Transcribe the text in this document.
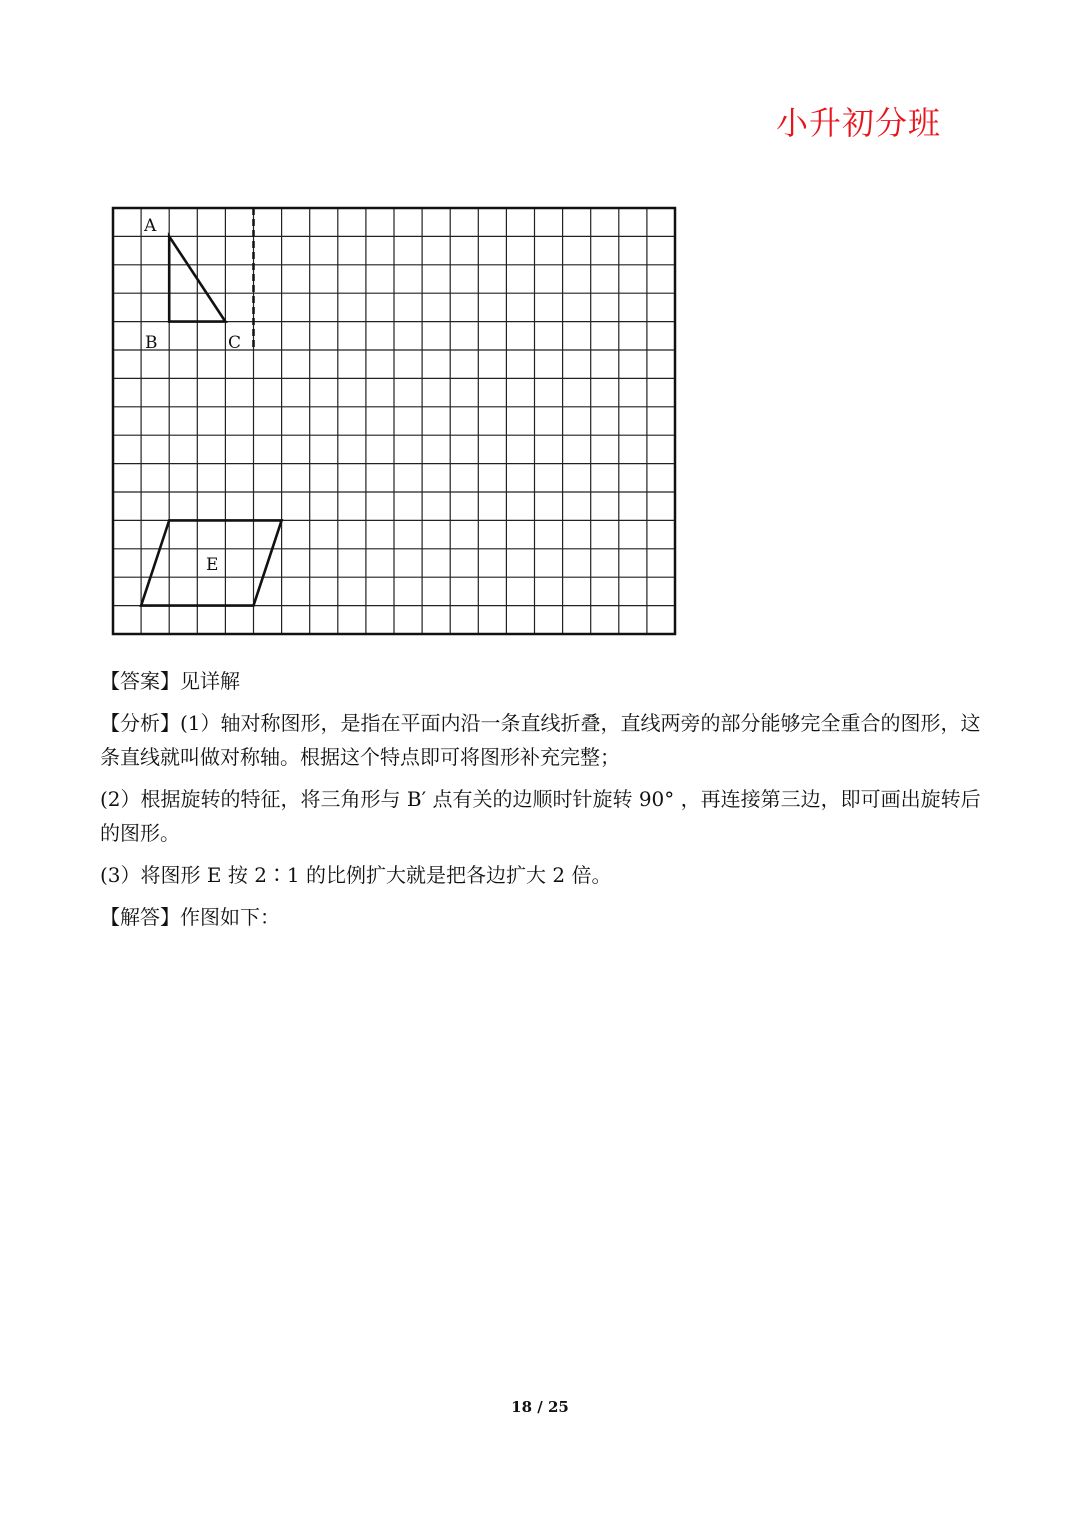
小升初分班
A
B	C
E

【答案】见详解

【分析】(1）轴对称图形，是指在平面内沿一条直线折叠，直线两旁的部分能够完全重合的图形，这条直线就叫做对称轴。根据这个特点即可将图形补充完整；

(2）根据旋转的特征，将三角形与 B′ 点有关的边顺时针旋转 90° ，再连接第三边，即可画出旋转后的图形。

(3）将图形 E 按 2∶1 的比例扩大就是把各边扩大 2 倍。

【解答】作图如下：

18 / 25
